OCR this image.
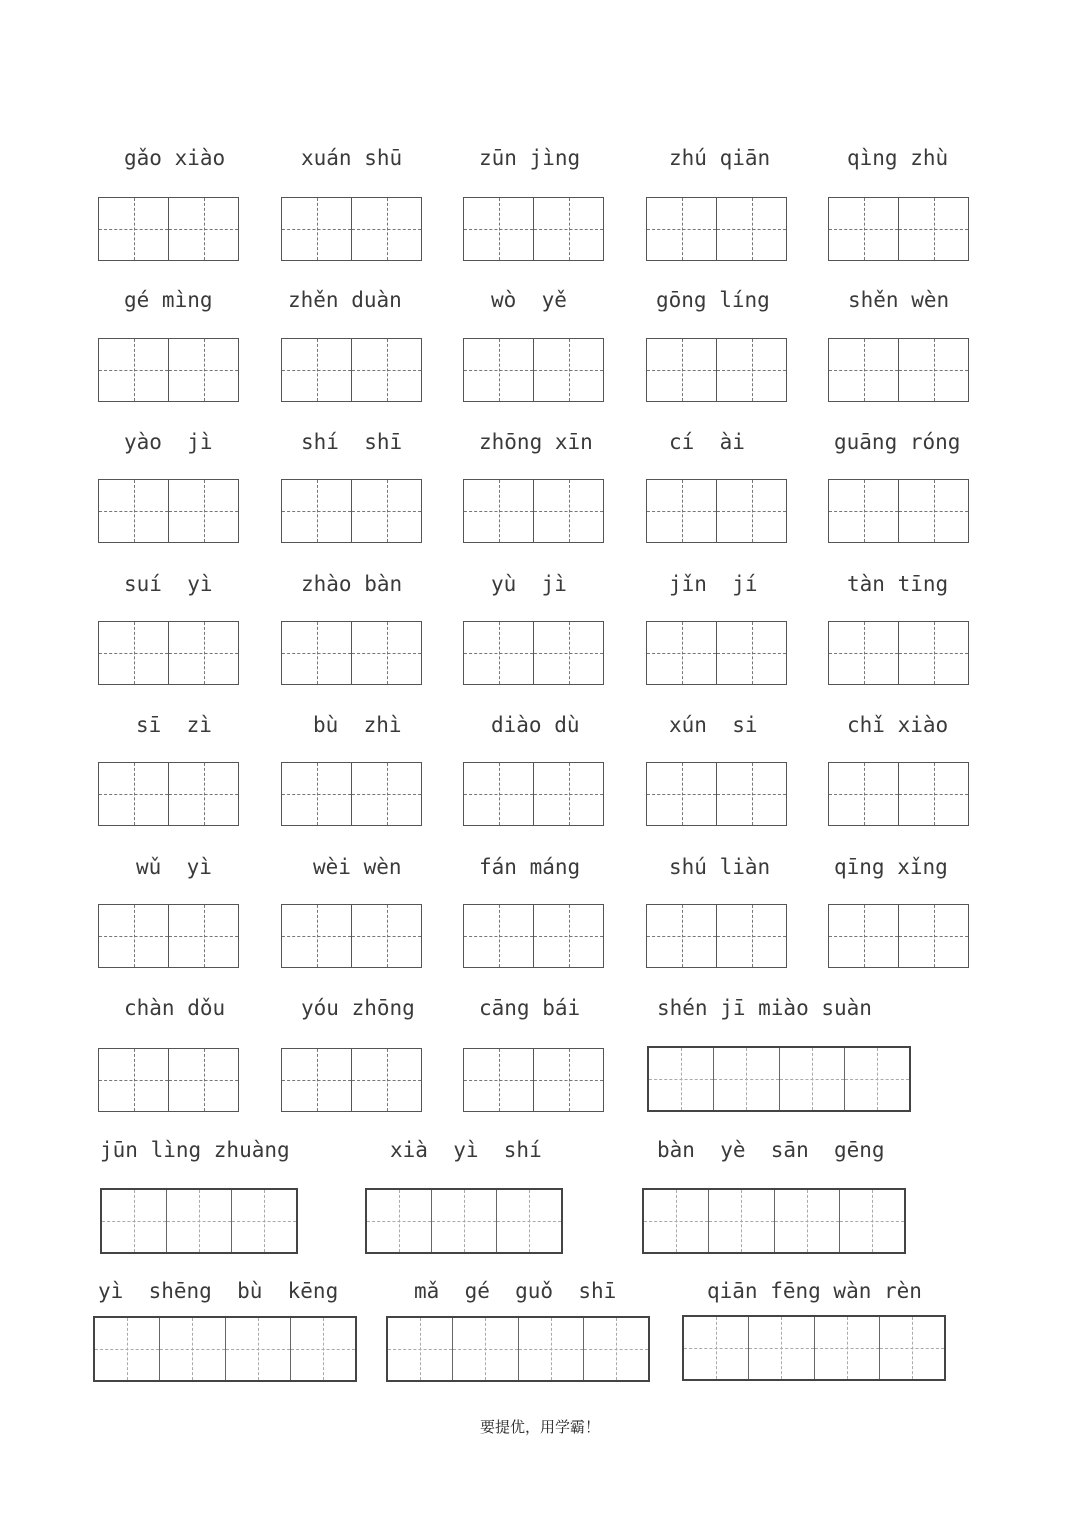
gǎo xiào	xuán shū	zūn jìng	zhú qiān	qìng zhù
gé mìng	zhěn duàn	wò  yě	gōng líng	shěn wèn
yào  jì	shí  shī	zhōng xīn	cí  ài	guāng róng
suí  yì	zhào bàn	yù  jì	jǐn  jí	tàn tīng
sī  zì	bù  zhì	diào dù	xún  si	chǐ xiào
wǔ  yì	wèi wèn	fán máng	shú liàn	qīng xǐng
chàn dǒu	yóu zhōng	cāng bái	shén jī miào suàn
jūn lìng zhuàng	xià  yì  shí	bàn  yè  sān  gēng
yì  shēng  bù  kēng	mǎ  gé  guǒ  shī	qiān fēng wàn rèn
要提优，用学霸！
